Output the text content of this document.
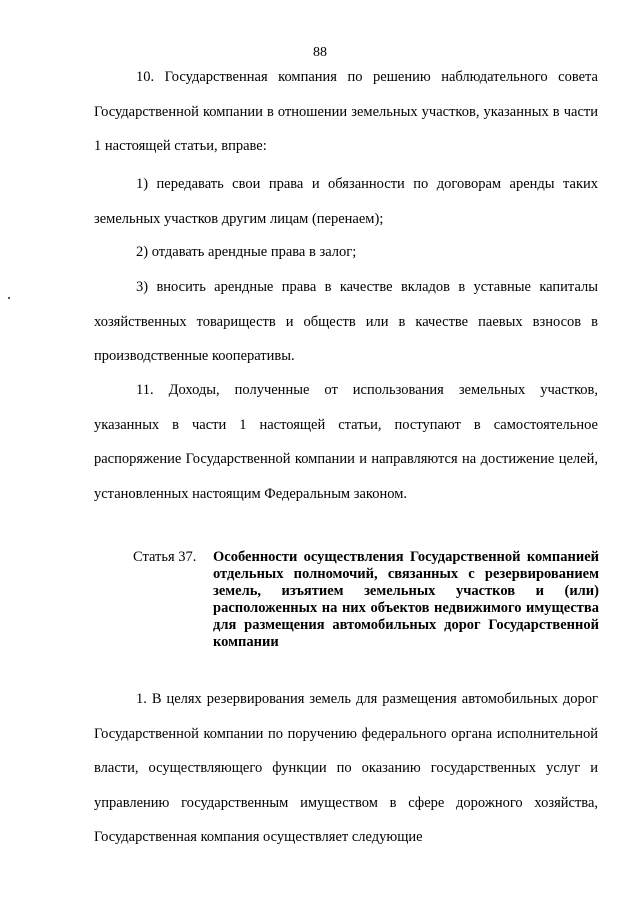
88

10. Государственная компания по решению наблюдательного совета Государственной компании в отношении земельных участков, указанных в части 1 настоящей статьи, вправе:

1) передавать свои права и обязанности по договорам аренды таких земельных участков другим лицам (перенаем);

2) отдавать арендные права в залог;

3) вносить арендные права в качестве вкладов в уставные капиталы хозяйственных товариществ и обществ или в качестве паевых взносов в производственные кооперативы.

11. Доходы, полученные от использования земельных участков, указанных в части 1 настоящей статьи, поступают в самостоятельное распоряжение Государственной компании и направляются на достижение целей, установленных настоящим Федеральным законом.

Статья 37. Особенности осуществления Государственной компанией отдельных полномочий, связанных с резервированием земель, изъятием земельных участков и (или) расположенных на них объектов недвижимого имущества для размещения автомобильных дорог Государственной компании

1. В целях резервирования земель для размещения автомобильных дорог Государственной компании по поручению федерального органа исполнительной власти, осуществляющего функции по оказанию государственных услуг и управлению государственным имуществом в сфере дорожного хозяйства, Государственная компания осуществляет следующие
